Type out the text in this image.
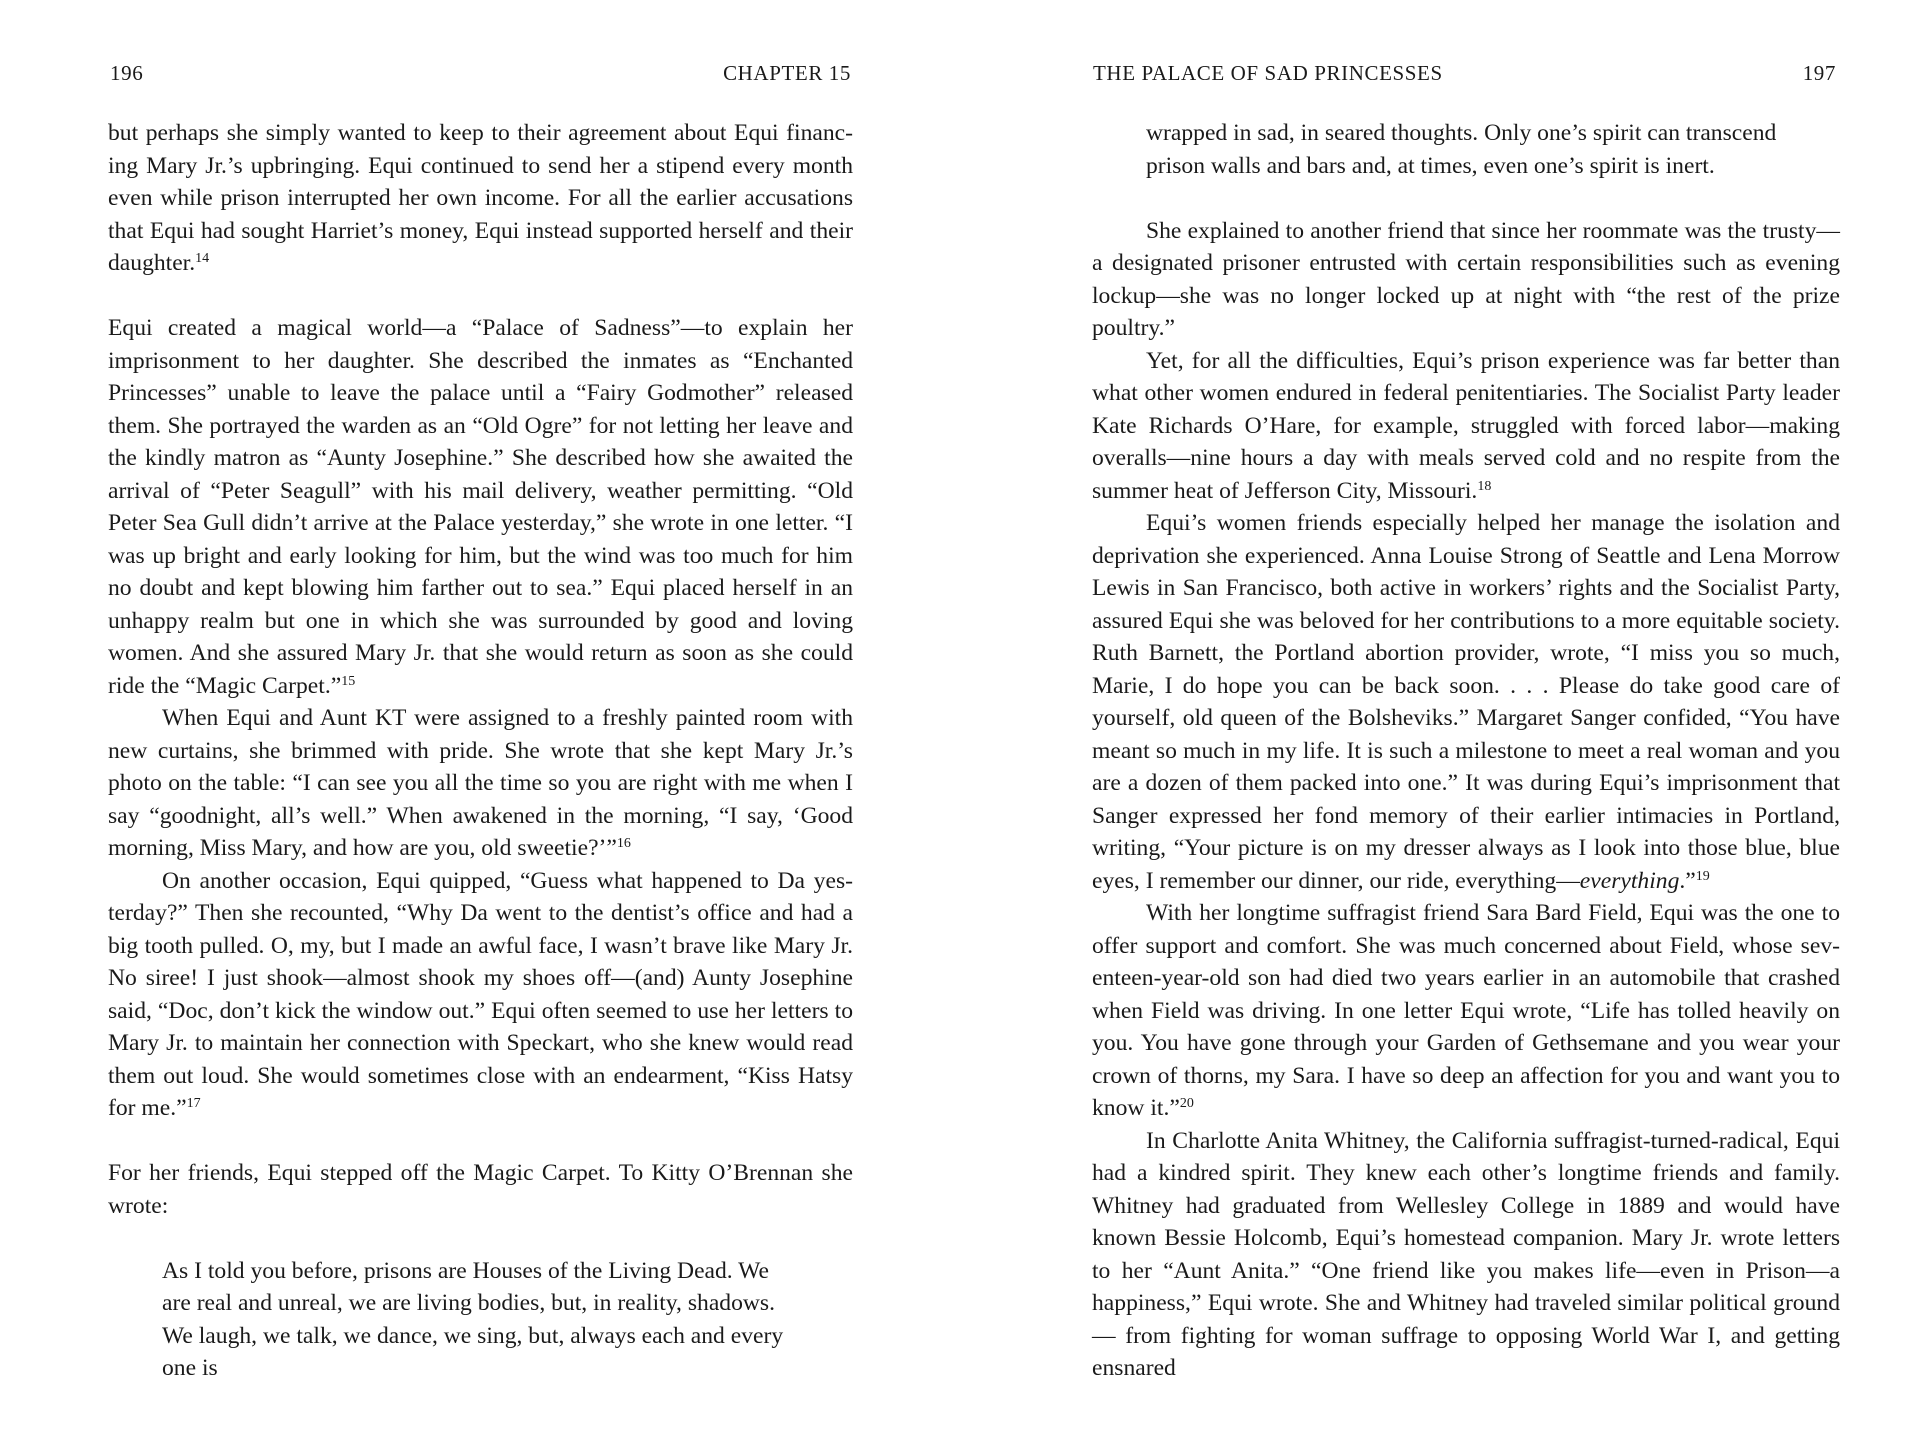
196	CHAPTER 15

but perhaps she simply wanted to keep to their agreement about Equi financing Mary Jr.’s upbringing. Equi continued to send her a stipend every month even while prison interrupted her own income. For all the earlier accusations that Equi had sought Harriet’s money, Equi instead supported herself and their daughter.$^{14}$

Equi created a magical world—a “Palace of Sadness”—to explain her imprisonment to her daughter. She described the inmates as “Enchanted Princesses” unable to leave the palace until a “Fairy Godmother” released them. She portrayed the warden as an “Old Ogre” for not letting her leave and the kindly matron as “Aunty Josephine.” She described how she awaited the arrival of “Peter Seagull” with his mail delivery, weather permitting. “Old Peter Sea Gull didn’t arrive at the Palace yesterday,” she wrote in one letter. “I was up bright and early looking for him, but the wind was too much for him no doubt and kept blowing him farther out to sea.” Equi placed herself in an unhappy realm but one in which she was surrounded by good and loving women. And she assured Mary Jr. that she would return as soon as she could ride the “Magic Carpet.”$^{15}$

When Equi and Aunt KT were assigned to a freshly painted room with new curtains, she brimmed with pride. She wrote that she kept Mary Jr.’s photo on the table: “I can see you all the time so you are right with me when I say “goodnight, all’s well.” When awakened in the morning, “I say, ‘Good morning, Miss Mary, and how are you, old sweetie?’”$^{16}$

On another occasion, Equi quipped, “Guess what happened to Da yesterday?” Then she recounted, “Why Da went to the dentist’s office and had a big tooth pulled. O, my, but I made an awful face, I wasn’t brave like Mary Jr. No siree! I just shook—almost shook my shoes off—(and) Aunty Josephine said, “Doc, don’t kick the window out.” Equi often seemed to use her letters to Mary Jr. to maintain her connection with Speckart, who she knew would read them out loud. She would sometimes close with an endearment, “Kiss Hatsy for me.”$^{17}$

For her friends, Equi stepped off the Magic Carpet. To Kitty O’Brennan she wrote:

As I told you before, prisons are Houses of the Living Dead. We are real and unreal, we are living bodies, but, in reality, shadows. We laugh, we talk, we dance, we sing, but, always each and every one is

THE PALACE OF SAD PRINCESSES	197

wrapped in sad, in seared thoughts. Only one’s spirit can transcend prison walls and bars and, at times, even one’s spirit is inert.

She explained to another friend that since her roommate was the trusty—a designated prisoner entrusted with certain responsibilities such as evening lockup—she was no longer locked up at night with “the rest of the prize poultry.”

Yet, for all the difficulties, Equi’s prison experience was far better than what other women endured in federal penitentiaries. The Socialist Party leader Kate Richards O’Hare, for example, struggled with forced labor—making overalls—nine hours a day with meals served cold and no respite from the summer heat of Jefferson City, Missouri.$^{18}$

Equi’s women friends especially helped her manage the isolation and deprivation she experienced. Anna Louise Strong of Seattle and Lena Morrow Lewis in San Francisco, both active in workers’ rights and the Socialist Party, assured Equi she was beloved for her contributions to a more equitable society. Ruth Barnett, the Portland abortion provider, wrote, “I miss you so much, Marie, I do hope you can be back soon. . . . Please do take good care of yourself, old queen of the Bolsheviks.” Margaret Sanger confided, “You have meant so much in my life. It is such a milestone to meet a real woman and you are a dozen of them packed into one.” It was during Equi’s imprisonment that Sanger expressed her fond memory of their earlier intimacies in Portland, writing, “Your picture is on my dresser always as I look into those blue, blue eyes, I remember our dinner, our ride, everything—everything.”$^{19}$

With her longtime suffragist friend Sara Bard Field, Equi was the one to offer support and comfort. She was much concerned about Field, whose seventeen-year-old son had died two years earlier in an automobile that crashed when Field was driving. In one letter Equi wrote, “Life has tolled heavily on you. You have gone through your Garden of Gethsemane and you wear your crown of thorns, my Sara. I have so deep an affection for you and want you to know it.”$^{20}$

In Charlotte Anita Whitney, the California suffragist-turned-radical, Equi had a kindred spirit. They knew each other’s longtime friends and family. Whitney had graduated from Wellesley College in 1889 and would have known Bessie Holcomb, Equi’s homestead companion. Mary Jr. wrote letters to her “Aunt Anita.” “One friend like you makes life—even in Prison—a happiness,” Equi wrote. She and Whitney had traveled similar political ground— from fighting for woman suffrage to opposing World War I, and getting ensnared
